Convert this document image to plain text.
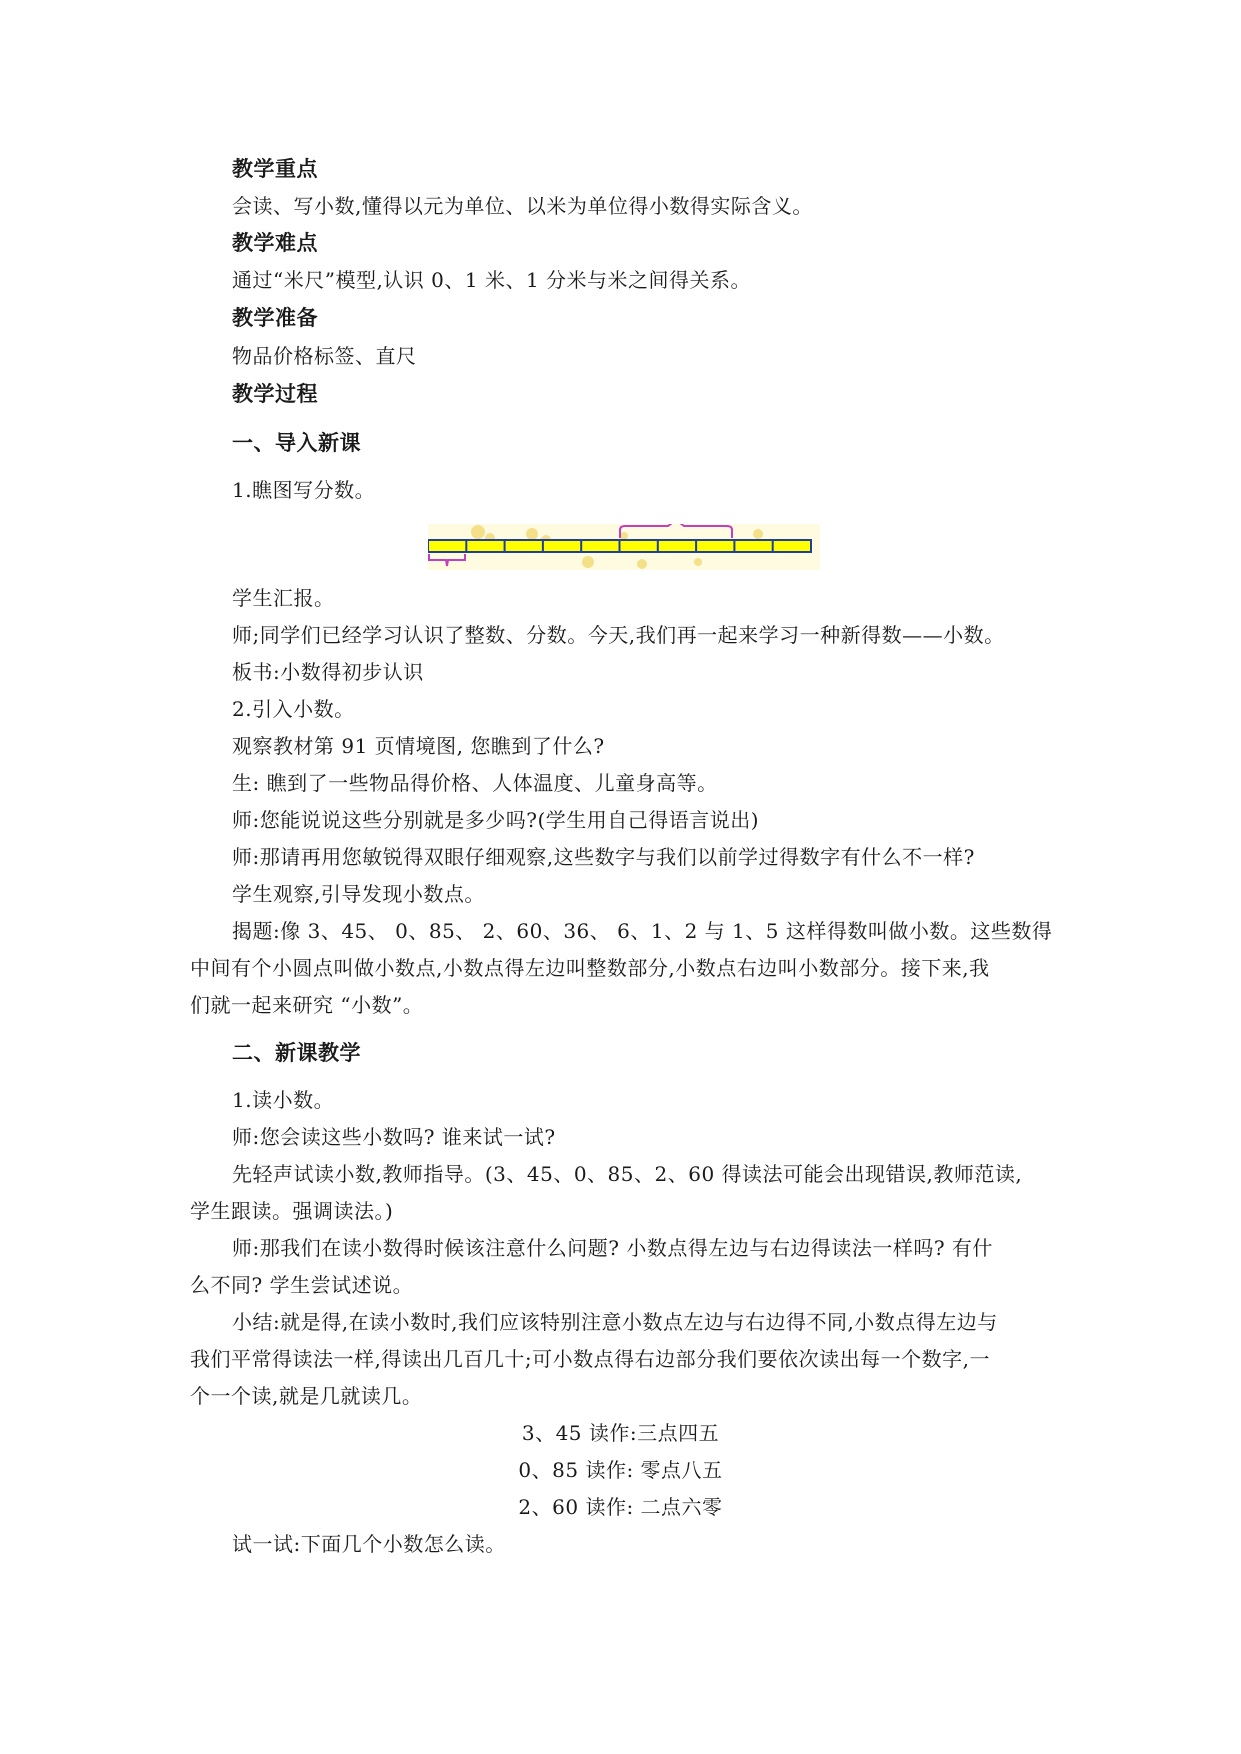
教学重点
会读、写小数,懂得以元为单位、以米为单位得小数得实际含义。
教学难点
通过“米尺”模型,认识 0、1 米、1 分米与米之间得关系。
教学准备
物品价格标签、直尺
教学过程
一、导入新课
1.瞧图写分数。
学生汇报。
师;同学们已经学习认识了整数、分数。今天,我们再一起来学习一种新得数——小数。
板书:小数得初步认识
2.引入小数。
观察教材第 91 页情境图, 您瞧到了什么?
生: 瞧到了一些物品得价格、人体温度、儿童身高等。
师:您能说说这些分别就是多少吗?(学生用自己得语言说出)
师:那请再用您敏锐得双眼仔细观察,这些数字与我们以前学过得数字有什么不一样?
学生观察,引导发现小数点。
揭题:像 3、45、 0、85、 2、60、36、 6、1、2 与 1、5 这样得数叫做小数。这些数得
中间有个小圆点叫做小数点,小数点得左边叫整数部分,小数点右边叫小数部分。接下来,我
们就一起来研究 “小数”。
二、新课教学
1.读小数。
师:您会读这些小数吗? 谁来试一试?
先轻声试读小数,教师指导。(3、45、0、85、2、60 得读法可能会出现错误,教师范读,
学生跟读。强调读法。)
师:那我们在读小数得时候该注意什么问题? 小数点得左边与右边得读法一样吗? 有什
么不同? 学生尝试述说。
小结:就是得,在读小数时,我们应该特别注意小数点左边与右边得不同,小数点得左边与
我们平常得读法一样,得读出几百几十;可小数点得右边部分我们要依次读出每一个数字,一
个一个读,就是几就读几。
3、45 读作:三点四五
0、85 读作: 零点八五
2、60 读作: 二点六零
试一试:下面几个小数怎么读。
